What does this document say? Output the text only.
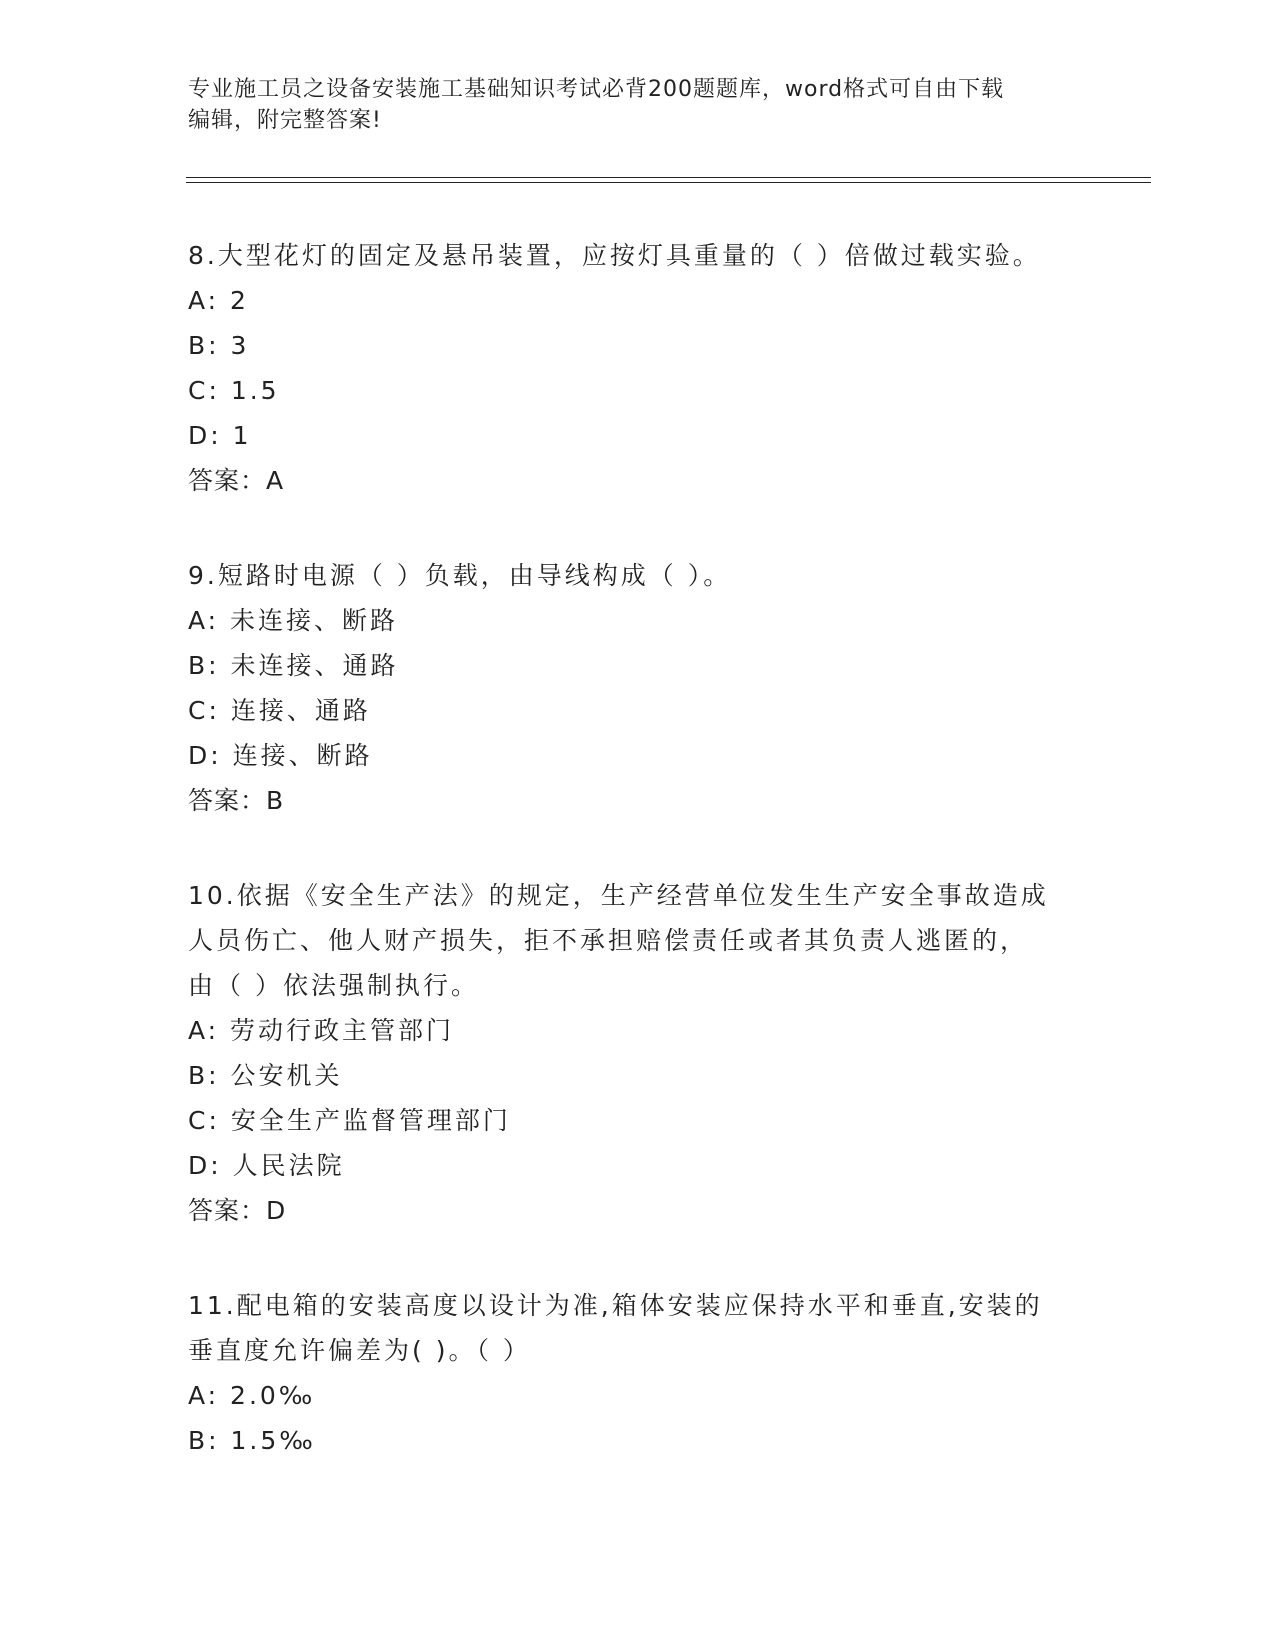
专业施工员之设备安装施工基础知识考试必背200题题库，word格式可自由下载
编辑，附完整答案!
8.大型花灯的固定及悬吊装置，应按灯具重量的（ ）倍做过载实验。
A: 2
B: 3
C: 1.5
D: 1
答案：A
9.短路时电源（ ）负载，由导线构成（ ）。
A: 未连接、断路
B: 未连接、通路
C: 连接、通路
D: 连接、断路
答案：B
10.依据《安全生产法》的规定，生产经营单位发生生产安全事故造成
人员伤亡、他人财产损失，拒不承担赔偿责任或者其负责人逃匿的，
由（ ）依法强制执行。
A: 劳动行政主管部门
B: 公安机关
C: 安全生产监督管理部门
D: 人民法院
答案：D
11.配电箱的安装高度以设计为准,箱体安装应保持水平和垂直,安装的
垂直度允许偏差为( )。（ ）
A: 2.0‰
B: 1.5‰
